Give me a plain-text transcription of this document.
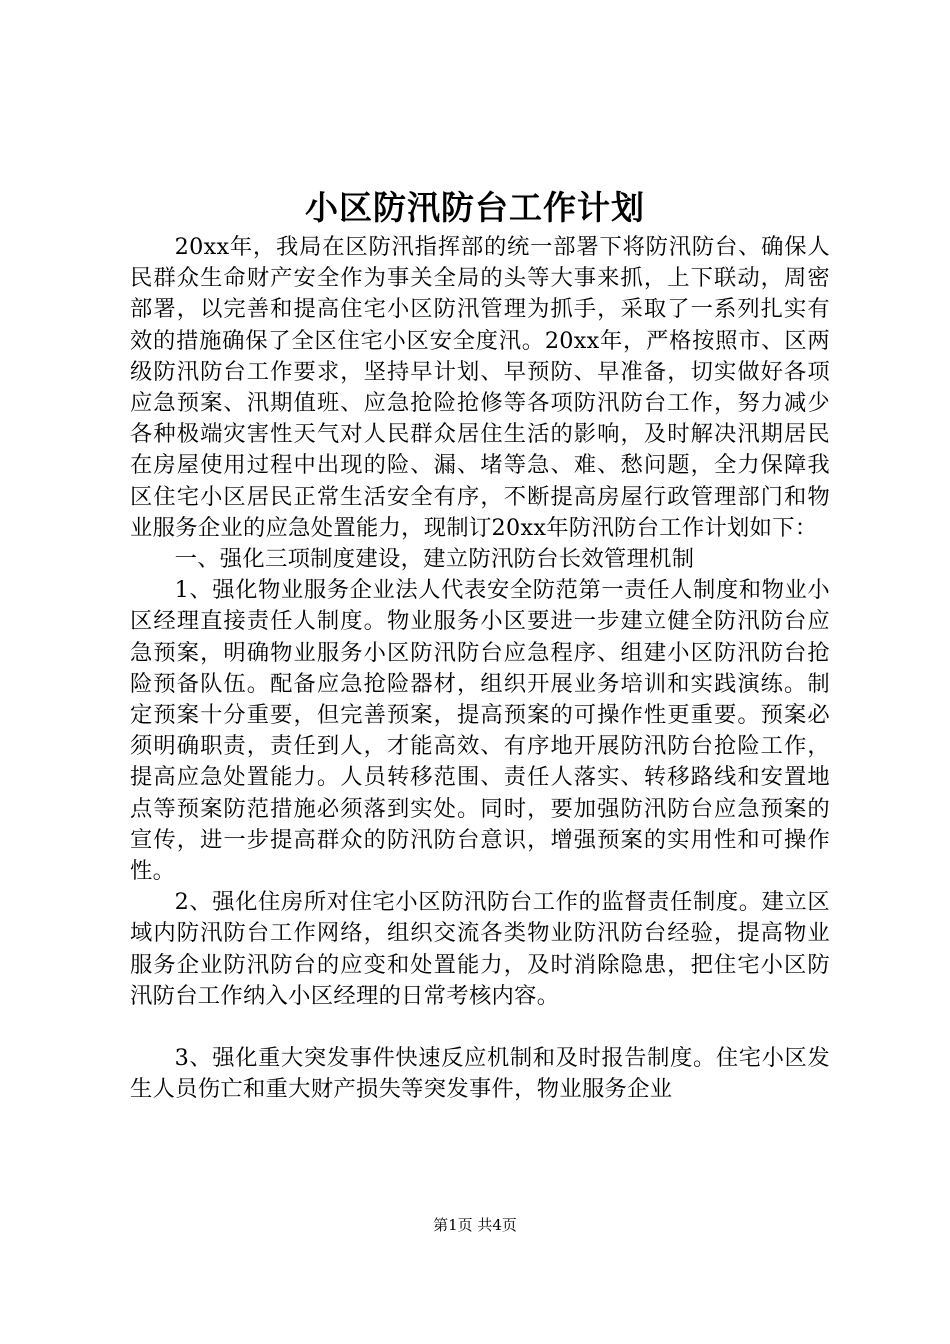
小区防汛防台工作计划

20xx年，我局在区防汛指挥部的统一部署下将防汛防台、确保人民群众生命财产安全作为事关全局的头等大事来抓，上下联动，周密部署，以完善和提高住宅小区防汛管理为抓手，采取了一系列扎实有效的措施确保了全区住宅小区安全度汛。20xx年，严格按照市、区两级防汛防台工作要求，坚持早计划、早预防、早准备，切实做好各项应急预案、汛期值班、应急抢险抢修等各项防汛防台工作，努力减少各种极端灾害性天气对人民群众居住生活的影响，及时解决汛期居民在房屋使用过程中出现的险、漏、堵等急、难、愁问题，全力保障我区住宅小区居民正常生活安全有序，不断提高房屋行政管理部门和物业服务企业的应急处置能力，现制订20xx年防汛防台工作计划如下：

一、强化三项制度建设，建立防汛防台长效管理机制

1、强化物业服务企业法人代表安全防范第一责任人制度和物业小区经理直接责任人制度。物业服务小区要进一步建立健全防汛防台应急预案，明确物业服务小区防汛防台应急程序、组建小区防汛防台抢险预备队伍。配备应急抢险器材，组织开展业务培训和实践演练。制定预案十分重要，但完善预案，提高预案的可操作性更重要。预案必须明确职责，责任到人，才能高效、有序地开展防汛防台抢险工作，提高应急处置能力。人员转移范围、责任人落实、转移路线和安置地点等预案防范措施必须落到实处。同时，要加强防汛防台应急预案的宣传，进一步提高群众的防汛防台意识，增强预案的实用性和可操作性。

2、强化住房所对住宅小区防汛防台工作的监督责任制度。建立区域内防汛防台工作网络，组织交流各类物业防汛防台经验，提高物业服务企业防汛防台的应变和处置能力，及时消除隐患，把住宅小区防汛防台工作纳入小区经理的日常考核内容。

3、强化重大突发事件快速反应机制和及时报告制度。住宅小区发生人员伤亡和重大财产损失等突发事件，物业服务企业

第1页 共4页
